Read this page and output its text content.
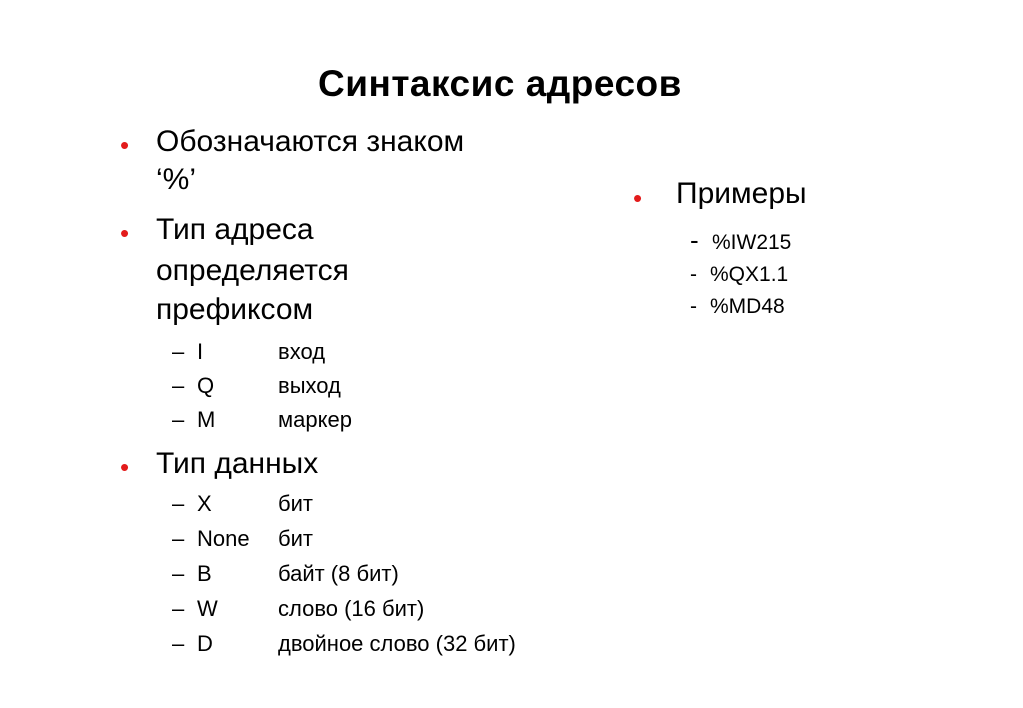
Синтаксис адресов
• Обозначаются знаком
‘%’
• Тип адреса
определяется
префиксом
– I	вход
– Q	выход
– M	маркер
• Тип данных
– X	бит
– None бит
– B	байт (8 бит)
– W	слово (16 бит)
– D	двойное слово (32 бит)
• Примеры
- %IW215
- %QX1.1
- %MD48
